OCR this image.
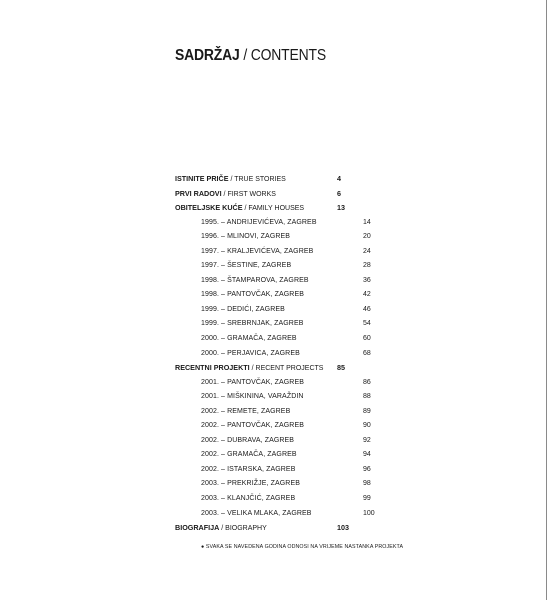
SADRŽAJ / CONTENTS
ISTINITE PRIČE / TRUE STORIES	4
PRVI RADOVI / FIRST WORKS	6
OBITELJSKE KUĆE / FAMILY HOUSES	13
1995. – ANDRIJEVIĆEVA, ZAGREB	14
1996. – MLINOVI, ZAGREB	20
1997. – KRALJEVIĆEVA, ZAGREB	24
1997. – ŠESTINE, ZAGREB	28
1998. – ŠTAMPAROVA, ZAGREB	36
1998. – PANTOVČAK, ZAGREB	42
1999. – DEDIĆI, ZAGREB	46
1999. – SREBRNJAK, ZAGREB	54
2000. – GRAMAČA, ZAGREB	60
2000. – PERJAVICA, ZAGREB	68
RECENTNI PROJEKTI / RECENT PROJECTS 85
2001. – PANTOVČAK, ZAGREB	86
2001. – MIŠKININA, VARAŽDIN	88
2002. – REMETE, ZAGREB	89
2002. – PANTOVČAK, ZAGREB	90
2002. – DUBRAVA, ZAGREB	92
2002. – GRAMAČA, ZAGREB	94
2002. – ISTARSKA, ZAGREB	96
2003. – PREKRIŽJE, ZAGREB	98
2003. – KLANJČIĆ, ZAGREB	99
2003. – VELIKA MLAKA, ZAGREB	100
BIOGRAFIJA / BIOGRAPHY	103
● SVAKA SE NAVEDENA GODINA ODNOSI NA VRIJEME NASTANKA PROJEKTA
